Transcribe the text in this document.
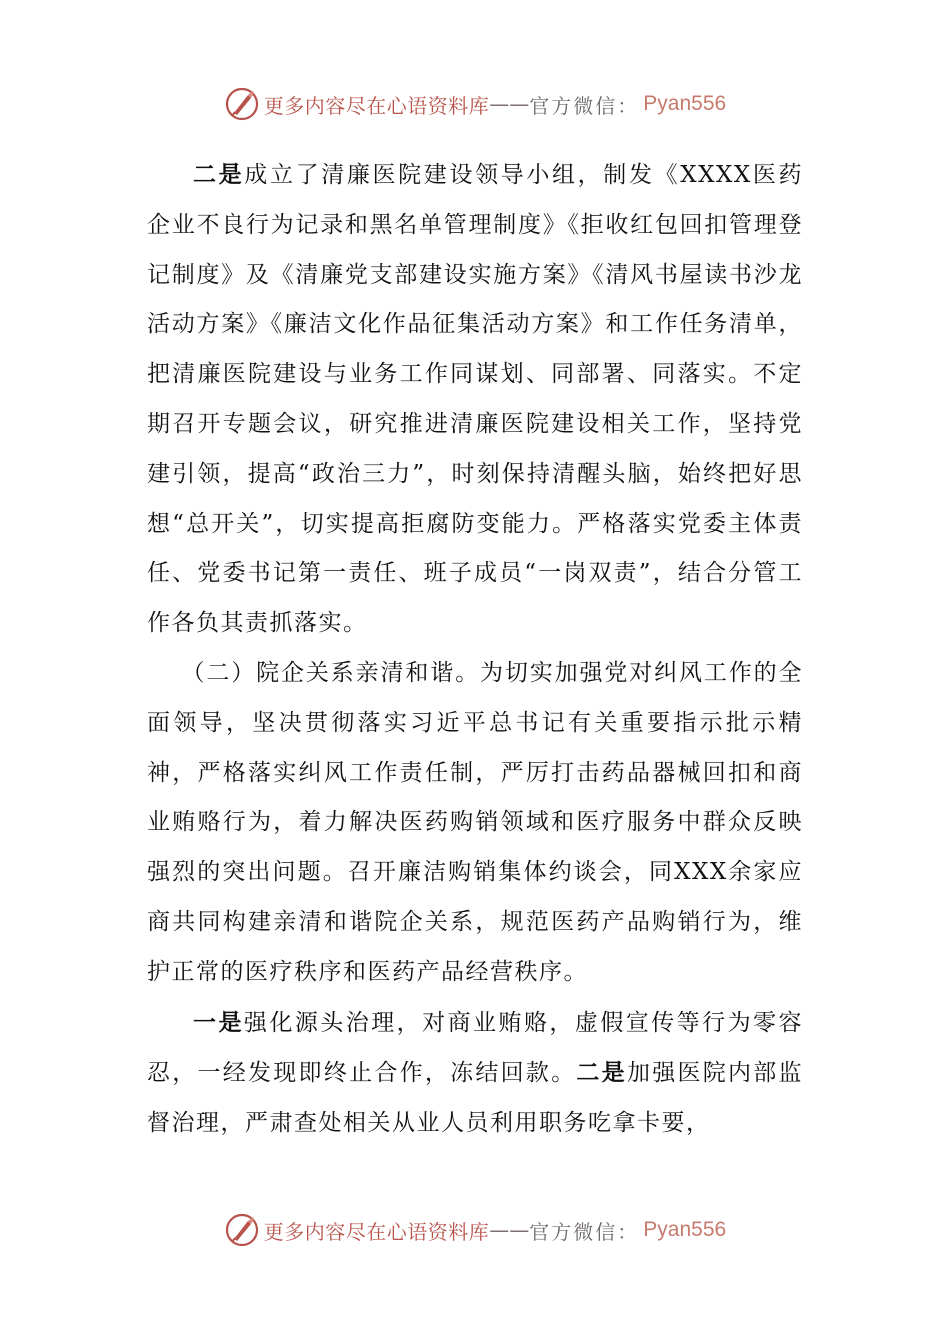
更多内容尽在心语资料库 —— 官方微信： Pyan556

二是成立了清廉医院建设领导小组，制发《XXXX医药企业不良行为记录和黑名单管理制度》《拒收红包回扣管理登记制度》及《清廉党支部建设实施方案》《清风书屋读书沙龙活动方案》《廉洁文化作品征集活动方案》和工作任务清单，把清廉医院建设与业务工作同谋划、同部署、同落实。不定期召开专题会议，研究推进清廉医院建设相关工作，坚持党建引领，提高“政治三力”，时刻保持清醒头脑，始终把好思想“总开关”，切实提高拒腐防变能力。严格落实党委主体责任、党委书记第一责任、班子成员“一岗双责”，结合分管工作各负其责抓落实。

（二）院企关系亲清和谐。为切实加强党对纠风工作的全面领导，坚决贯彻落实习近平总书记有关重要指示批示精神，严格落实纠风工作责任制，严厉打击药品器械回扣和商业贿赂行为，着力解决医药购销领域和医疗服务中群众反映强烈的突出问题。召开廉洁购销集体约谈会，同XXX余家应商共同构建亲清和谐院企关系，规范医药产品购销行为，维护正常的医疗秩序和医药产品经营秩序。

一是强化源头治理，对商业贿赂，虚假宣传等行为零容忍，一经发现即终止合作，冻结回款。二是加强医院内部监督治理，严肃查处相关从业人员利用职务吃拿卡要，

更多内容尽在心语资料库 —— 官方微信： Pyan556
